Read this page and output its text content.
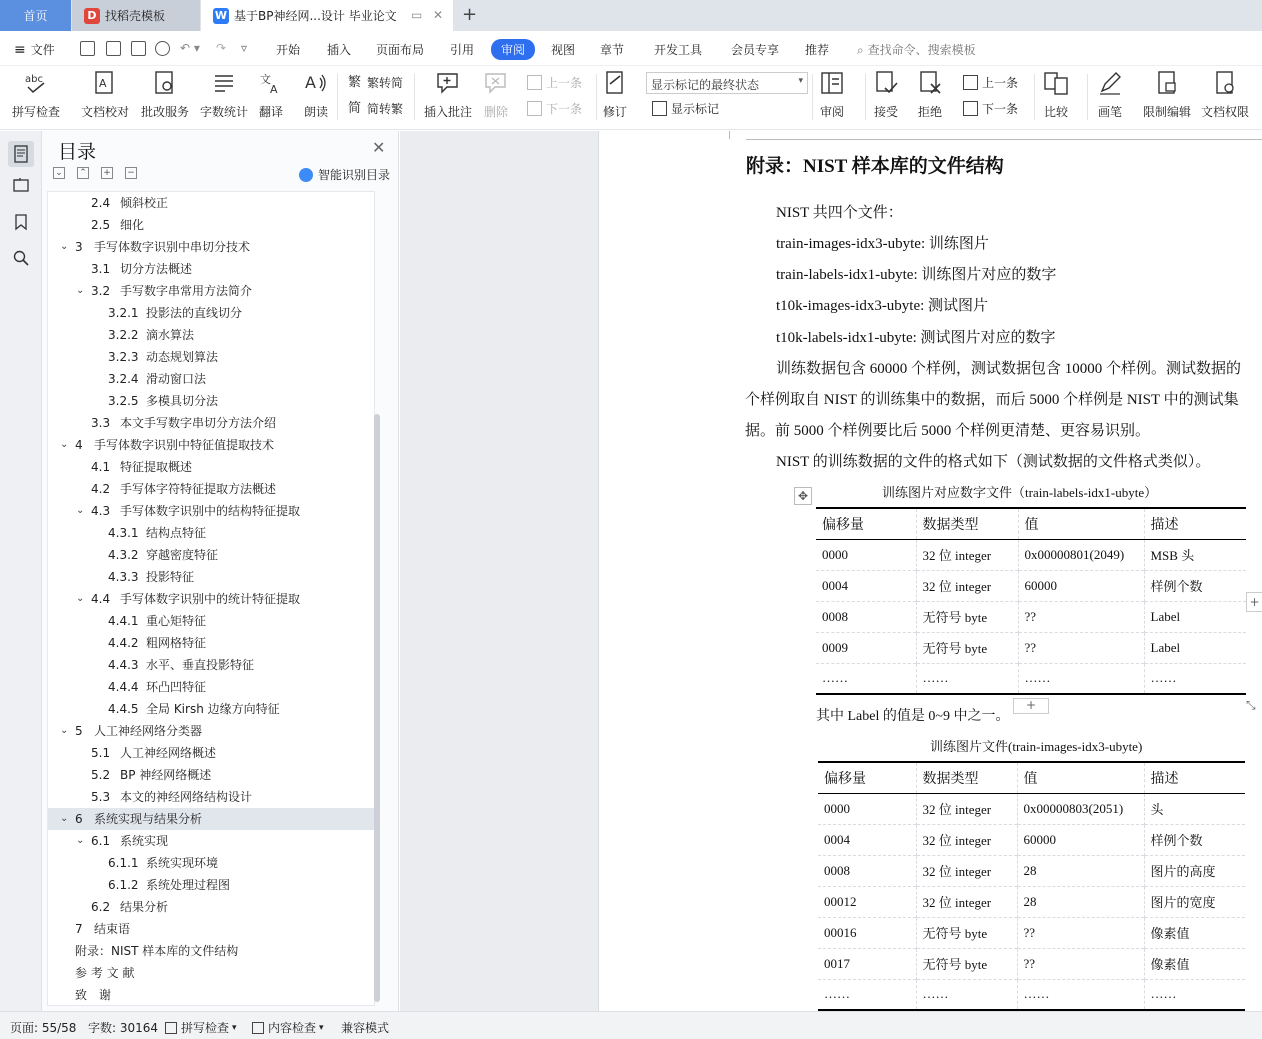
首页	D 找稻壳模板	W 基于BP神经网...设计 毕业论文 ▭ ✕ +
≡ 文件	↶ ▾ ↷ ▿ 开始 插入 页面布局 引用	审阅	视图 章节 开发工具 会员专享 推荐 ⌕ 查找命令、搜索模板
abc
拼写检查
A
文档校对 批改服务 字数统计
文
A
翻译
A
朗读
繁 繁转简
简 简转繁 插入批注 删除
上一条
下一条 修订	显示标记	审阅 接受 拒绝
上一条
下一条 比较 画笔 限制编辑 文档权限
显示标记的最终状态	▾
目录	✕
⌄ ⌃ + −	智能识别目录
2.4 倾斜校正
2.5 细化
⌄ 3 手写体数字识别中串切分技术
3.1 切分方法概述
⌄ 3.2 手写数字串常用方法简介
3.2.1 投影法的直线切分
3.2.2 滴水算法
3.2.3 动态规划算法
3.2.4 滑动窗口法
3.2.5 多模具切分法
3.3 本文手写数字串切分方法介绍
⌄ 4 手写体数字识别中特征值提取技术
4.1 特征提取概述
4.2 手写体字符特征提取方法概述
⌄ 4.3 手写体数字识别中的结构特征提取
4.3.1 结构点特征
4.3.2 穿越密度特征
4.3.3 投影特征
⌄ 4.4 手写体数字识别中的统计特征提取
4.4.1 重心矩特征
4.4.2 粗网格特征
4.4.3 水平、垂直投影特征
4.4.4 环凸凹特征
4.4.5 全局 Kirsh 边缘方向特征
⌄ 5 人工神经网络分类器
5.1 人工神经网络概述
5.2 BP 神经网络概述
5.3 本文的神经网络结构设计
⌄ 6 系统实现与结果分析
⌄ 6.1 系统实现
6.1.1 系统实现环境
6.1.2 系统处理过程图
6.2 结果分析
7 结束语
附录：NIST 样本库的文件结构
参 考 文 献
致　谢
附录：NIST 样本库的文件结构
NIST 共四个文件：
train-images-idx3-ubyte: 训练图片
train-labels-idx1-ubyte: 训练图片对应的数字
t10k-images-idx3-ubyte: 测试图片
t10k-labels-idx1-ubyte: 测试图片对应的数字
训练数据包含 60000 个样例，测试数据包含 10000 个样例。测试数据的
个样例取自 NIST 的训练集中的数据，而后 5000 个样例是 NIST 中的测试集
据。前 5000 个样例要比后 5000 个样例更清楚、更容易识别。
NIST 的训练数据的文件的格式如下（测试数据的文件格式类似）。
✥	训练图片对应数字文件（train-labels-idx1-ubyte）
偏移量	数据类型	值	描述
0000	32 位 integer	0x00000801(2049)	MSB 头
0004	32 位 integer	60000	样例个数
0008	无符号 byte	??	Label
0009	无符号 byte	??	Label
……	……	……	……
+
其中 Label 的值是 0~9 中之一。
+	⤡
训练图片文件(train-images-idx3-ubyte)
偏移量	数据类型	值	描述
0000	32 位 integer	0x00000803(2051)	头
0004	32 位 integer	60000	样例个数
0008	32 位 integer	28	图片的高度
00012	32 位 integer	28	图片的宽度
00016	无符号 byte	??	像素值
0017	无符号 byte	??	像素值
……	……	……	……
页面: 55/58 字数: 30164 拼写检查 ▾	内容检查 ▾ 兼容模式
